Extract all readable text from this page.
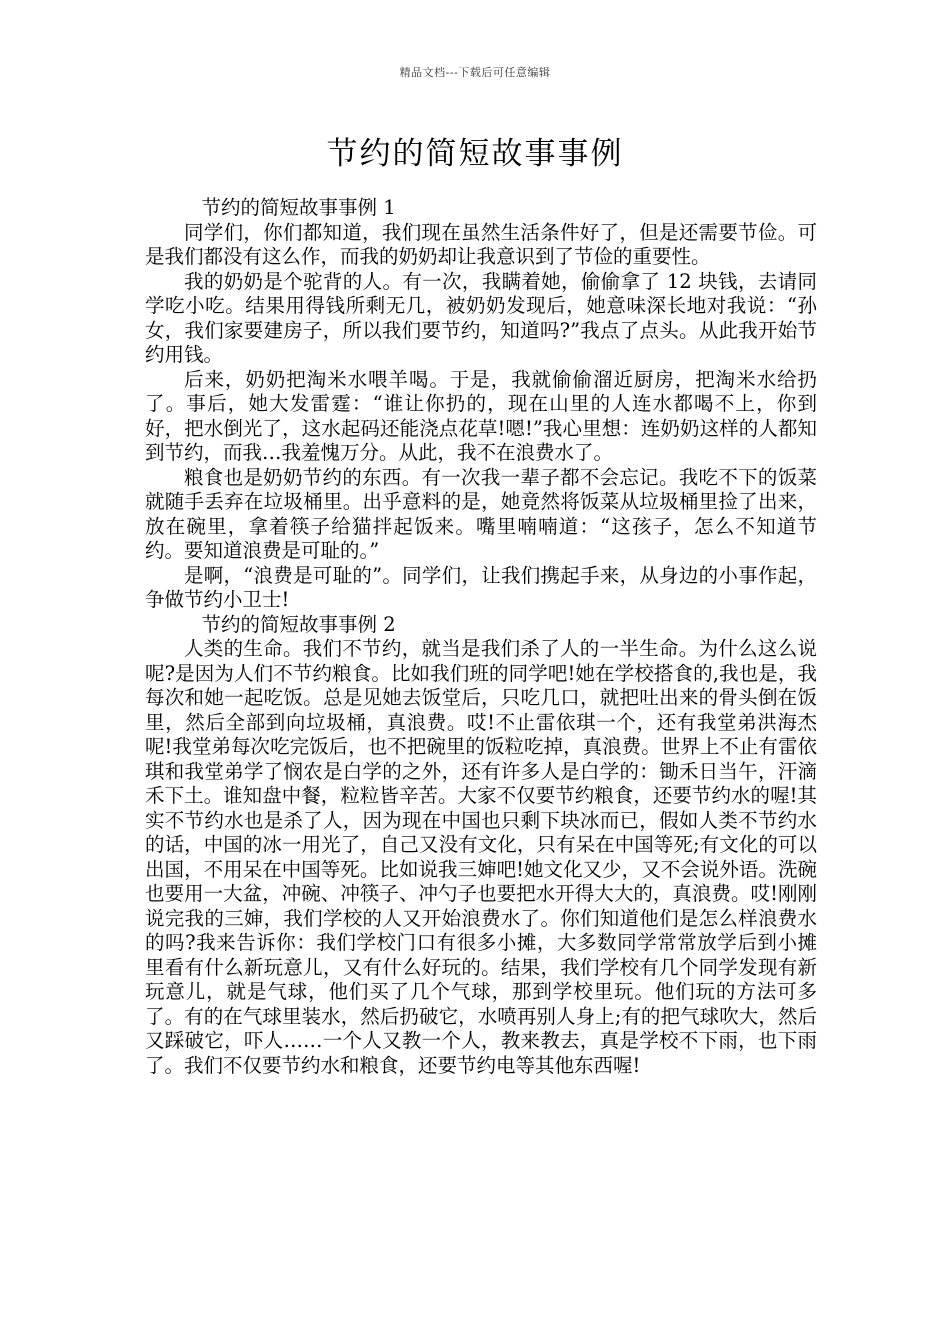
精品文档---下载后可任意编辑
节约的简短故事事例

节约的简短故事事例 1

同学们，你们都知道，我们现在虽然生活条件好了，但是还需要节俭。可是我们都没有这么作，而我的奶奶却让我意识到了节俭的重要性。

我的奶奶是个驼背的人。有一次，我瞒着她，偷偷拿了 12 块钱，去请同学吃小吃。结果用得钱所剩无几，被奶奶发现后，她意味深长地对我说：“孙女，我们家要建房子，所以我们要节约，知道吗?”我点了点头。从此我开始节约用钱。

后来，奶奶把淘米水喂羊喝。于是，我就偷偷溜近厨房，把淘米水给扔了。事后，她大发雷霆：“谁让你扔的，现在山里的人连水都喝不上，你到好，把水倒光了，这水起码还能浇点花草!嗯!”我心里想：连奶奶这样的人都知到节约，而我…我羞愧万分。从此，我不在浪费水了。

粮食也是奶奶节约的东西。有一次我一辈子都不会忘记。我吃不下的饭菜就随手丢弃在垃圾桶里。出乎意料的是，她竟然将饭菜从垃圾桶里捡了出来，放在碗里，拿着筷子给猫拌起饭来。嘴里喃喃道：“这孩子，怎么不知道节约。要知道浪费是可耻的。”

是啊，“浪费是可耻的”。同学们，让我们携起手来，从身边的小事作起，争做节约小卫士!

节约的简短故事事例 2

人类的生命。我们不节约，就当是我们杀了人的一半生命。为什么这么说呢?是因为人们不节约粮食。比如我们班的同学吧!她在学校搭食的,我也是，我每次和她一起吃饭。总是见她去饭堂后，只吃几口，就把吐出来的骨头倒在饭里，然后全部到向垃圾桶，真浪费。哎!不止雷依琪一个，还有我堂弟洪海杰呢!我堂弟每次吃完饭后，也不把碗里的饭粒吃掉，真浪费。世界上不止有雷依琪和我堂弟学了悯农是白学的之外，还有许多人是白学的：锄禾日当午，汗滴禾下土。谁知盘中餐，粒粒皆辛苦。大家不仅要节约粮食，还要节约水的喔!其实不节约水也是杀了人，因为现在中国也只剩下块冰而已，假如人类不节约水的话，中国的冰一用光了，自己又没有文化，只有呆在中国等死;有文化的可以出国，不用呆在中国等死。比如说我三婶吧!她文化又少，又不会说外语。洗碗也要用一大盆，冲碗、冲筷子、冲勺子也要把水开得大大的，真浪费。哎!刚刚说完我的三婶，我们学校的人又开始浪费水了。你们知道他们是怎么样浪费水的吗?我来告诉你：我们学校门口有很多小摊，大多数同学常常放学后到小摊里看有什么新玩意儿，又有什么好玩的。结果，我们学校有几个同学发现有新玩意儿，就是气球，他们买了几个气球，那到学校里玩。他们玩的方法可多了。有的在气球里装水，然后扔破它，水喷再别人身上;有的把气球吹大，然后又踩破它，吓人……一个人又教一个人，教来教去，真是学校不下雨，也下雨了。我们不仅要节约水和粮食，还要节约电等其他东西喔!
